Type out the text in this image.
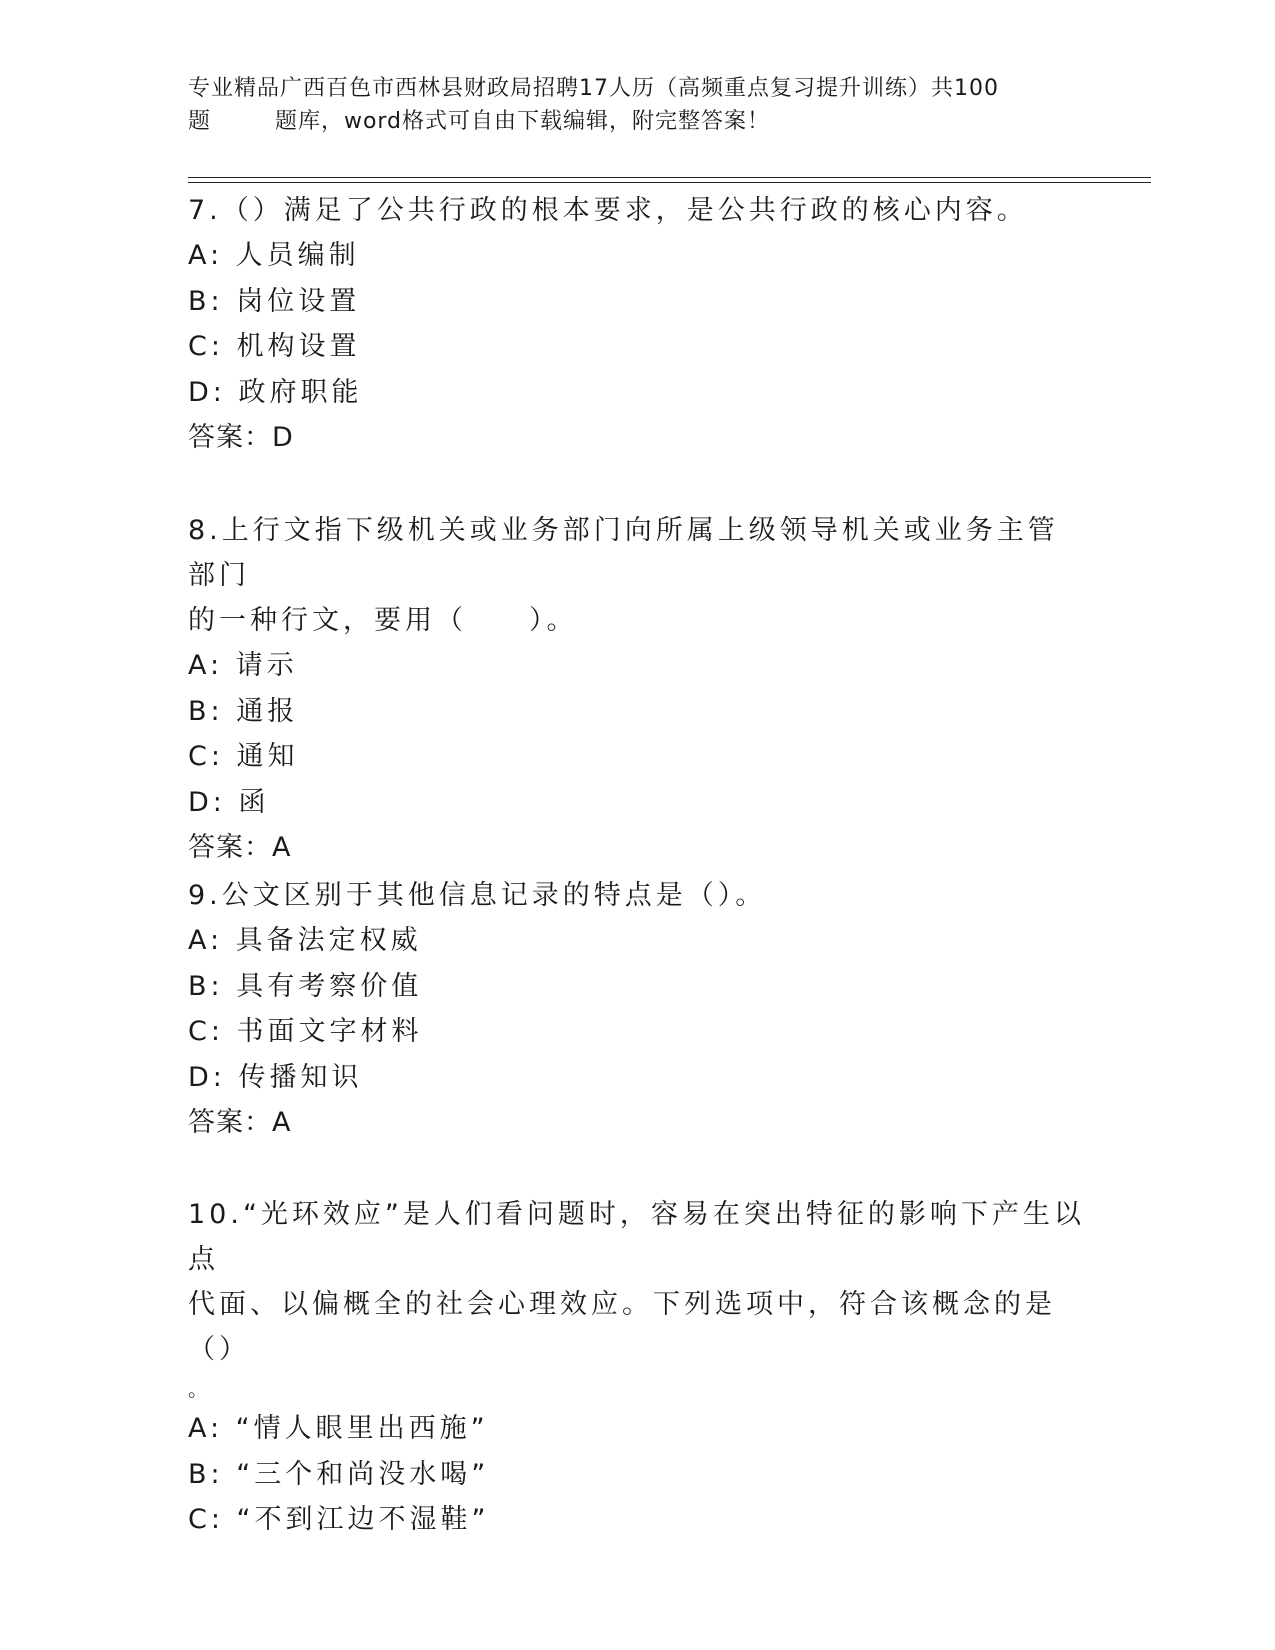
专业精品广西百色市西林县财政局招聘17人历（高频重点复习提升训练）共100
题        题库，word格式可自由下载编辑，附完整答案！
7.（）满足了公共行政的根本要求，是公共行政的核心内容。
A: 人员编制
B: 岗位设置
C: 机构设置
D: 政府职能
答案：D
8.上行文指下级机关或业务部门向所属上级领导机关或业务主管部门
的一种行文，要用（　　）。
A: 请示
B: 通报
C: 通知
D: 函
答案：A
9.公文区别于其他信息记录的特点是（）。
A: 具备法定权威
B: 具有考察价值
C: 书面文字材料
D: 传播知识
答案：A
10.“光环效应”是人们看问题时，容易在突出特征的影响下产生以点
代面、以偏概全的社会心理效应。下列选项中，符合该概念的是（）
。
A: “情人眼里出西施”
B: “三个和尚没水喝”
C: “不到江边不湿鞋”
